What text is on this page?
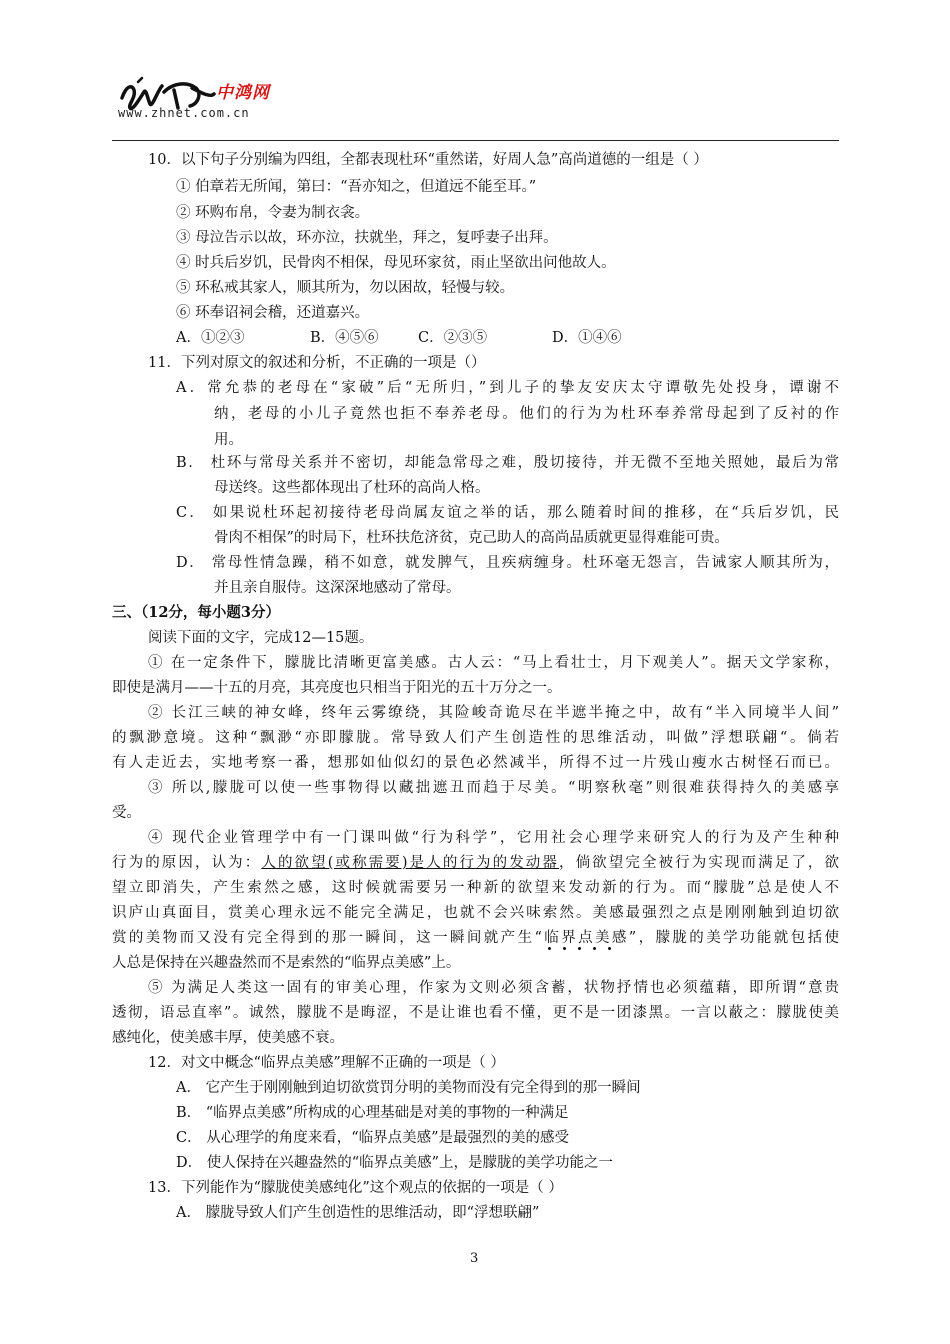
中鸿网
www.zhnet.com.cn
10．以下句子分别编为四组，全都表现杜环“重然诺，好周人急”高尚道德的一组是（ ）
① 伯章若无所闻，第曰：“吾亦知之，但道远不能至耳。”
② 环购布帛，令妻为制衣衾。
③ 母泣告示以故，环亦泣，扶就坐，拜之，复呼妻子出拜。
④ 时兵后岁饥，民骨肉不相保，母见环家贫，雨止坚欲出问他故人。
⑤ 环私戒其家人，顺其所为，勿以困故，轻慢与较。
⑥ 环奉诏祠会稽，还道嘉兴。
A．①②③	B．④⑤⑥	C．②③⑤	D．①④⑥
11．下列对原文的叙述和分析，不正确的一项是（）
A．常允恭的老母在“家破”后“无所归，”到儿子的挚友安庆太守谭敬先处投身，谭谢不
纳，老母的小儿子竟然也拒不奉养老母。他们的行为为杜环奉养常母起到了反衬的作
用。
B． 杜环与常母关系并不密切，却能急常母之难，殷切接待，并无微不至地关照她，最后为常
母送终。这些都体现出了杜环的高尚人格。
C． 如果说杜环起初接待老母尚属友谊之举的话，那么随着时间的推移，在“兵后岁饥，民
骨肉不相保”的时局下，杜环扶危济贫，克己助人的高尚品质就更显得难能可贵。
D． 常母性情急躁，稍不如意，就发脾气，且疾病缠身。杜环毫无怨言，告诫家人顺其所为，
并且亲自服侍。这深深地感动了常母。
三、（12分，每小题3分）
阅读下面的文字，完成12—15题。
① 在一定条件下，朦胧比清晰更富美感。古人云：“马上看壮士，月下观美人”。据天文学家称，
即使是满月——十五的月亮，其亮度也只相当于阳光的五十万分之一。
② 长江三峡的神女峰，终年云雾缭绕，其险峻奇诡尽在半遮半掩之中，故有“半入同境半人间”
的飘渺意境。这种“飘渺“亦即朦胧。常导致人们产生创造性的思维活动，叫做”浮想联翩“。倘若
有人走近去，实地考察一番，想那如仙似幻的景色必然减半，所得不过一片残山瘦水古树怪石而已。
③ 所以,朦胧可以使一些事物得以藏拙遮丑而趋于尽美。“明察秋毫”则很难获得持久的美感享
受。
④ 现代企业管理学中有一门课叫做“行为科学”，它用社会心理学来研究人的行为及产生种种
行为的原因，认为：人的欲望(或称需要)是人的行为的发动器，倘欲望完全被行为实现而满足了，欲
望立即消失，产生索然之感，这时候就需要另一种新的欲望来发动新的行为。而“朦胧”总是使人不
识庐山真面目，赏美心理永远不能完全满足，也就不会兴味索然。美感最强烈之点是刚刚触到迫切欲
赏的美物而又没有完全得到的那一瞬间，这一瞬间就产生“临界点美感
”，朦胧的美学功能就包括使
人总是保持在兴趣盎然而不是索然的“临界点美感”上。
⑤ 为满足人类这一固有的审美心理，作家为文则必须含蓄，状物抒情也必须蕴藉，即所谓“意贵
透彻，语忌直率”。诚然，朦胧不是晦涩，不是让谁也看不懂，更不是一团漆黑。一言以蔽之：朦胧使美
感纯化，使美感丰厚，使美感不衰。
12．对文中概念“临界点美感”理解不正确的一项是（ ）
A． 它产生于刚刚触到迫切欲赏罚分明的美物而没有完全得到的那一瞬间
B． “临界点美感”所构成的心理基础是对美的事物的一种满足
C． 从心理学的角度来看，“临界点美感”是最强烈的美的感受
D． 使人保持在兴趣盎然的“临界点美感”上，是朦胧的美学功能之一
13．下列能作为“朦胧使美感纯化”这个观点的依据的一项是（ ）
A． 朦胧导致人们产生创造性的思维活动，即“浮想联翩”
3
